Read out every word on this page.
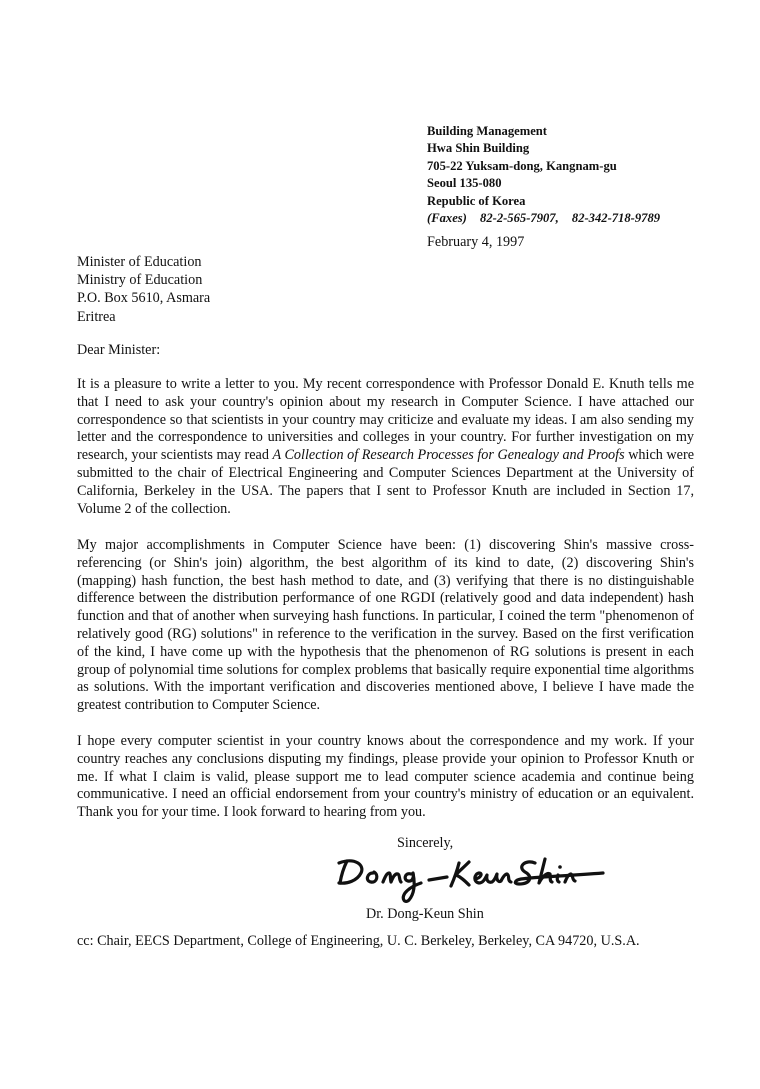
Building Management
Hwa Shin Building
705-22 Yuksam-dong, Kangnam-gu
Seoul 135-080
Republic of Korea
(Faxes) 82-2-565-7907, 82-342-718-9789
February 4, 1997
Minister of Education
Ministry of Education
P.O. Box 5610, Asmara
Eritrea
Dear Minister:

It is a pleasure to write a letter to you. My recent correspondence with Professor Donald E. Knuth tells me that I need to ask your country's opinion about my research in Computer Science. I have attached our correspondence so that scientists in your country may criticize and evaluate my ideas. I am also sending my letter and the correspondence to universities and colleges in your country. For further investigation on my research, your scientists may read A Collection of Research Processes for Genealogy and Proofs which were submitted to the chair of Electrical Engineering and Computer Sciences Department at the University of California, Berkeley in the USA. The papers that I sent to Professor Knuth are included in Section 17, Volume 2 of the collection.

My major accomplishments in Computer Science have been: (1) discovering Shin's massive cross-referencing (or Shin's join) algorithm, the best algorithm of its kind to date, (2) discovering Shin's (mapping) hash function, the best hash method to date, and (3) verifying that there is no distinguishable difference between the distribution performance of one RGDI (relatively good and data independent) hash function and that of another when surveying hash functions. In particular, I coined the term "phenomenon of relatively good (RG) solutions" in reference to the verification in the survey. Based on the first verification of the kind, I have come up with the hypothesis that the phenomenon of RG solutions is present in each group of polynomial time solutions for complex problems that basically require exponential time algorithms as solutions. With the important verification and discoveries mentioned above, I believe I have made the greatest contribution to Computer Science.

I hope every computer scientist in your country knows about the correspondence and my work. If your country reaches any conclusions disputing my findings, please provide your opinion to Professor Knuth or me. If what I claim is valid, please support me to lead computer science academia and continue being communicative. I need an official endorsement from your country's ministry of education or an equivalent. Thank you for your time. I look forward to hearing from you.

Sincerely,
Dr. Dong-Keun Shin
cc: Chair, EECS Department, College of Engineering, U. C. Berkeley, Berkeley, CA 94720, U.S.A.
